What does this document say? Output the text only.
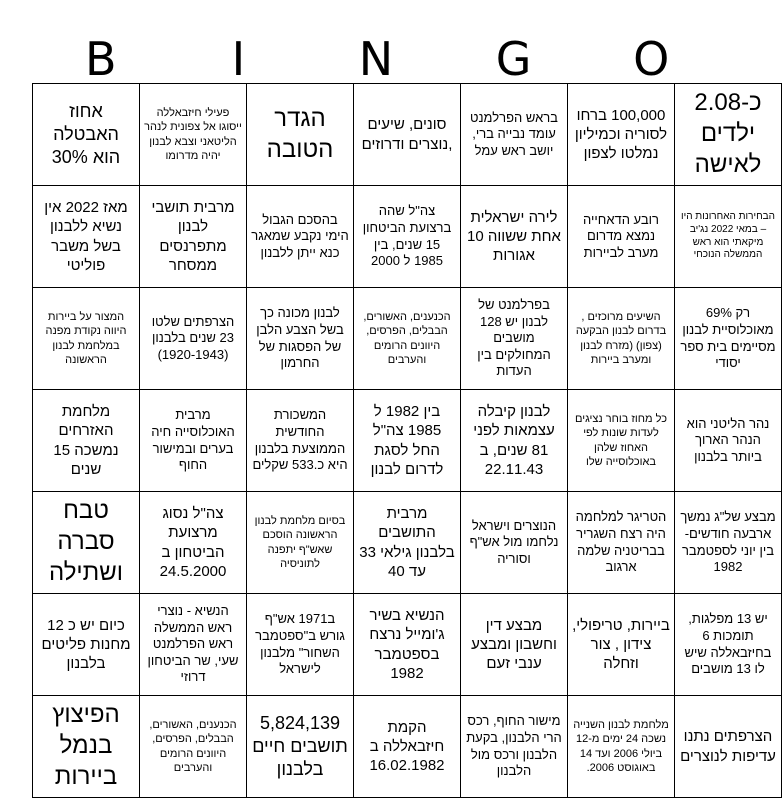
B	I	N	G	O
כ-2.08 ילדים לאישה	100,000 ברחו לסוריה וכמיליון נמלטו לצפון	בראש הפרלמנט עומד נבייה ברי, יושב ראש עמל	סונים, שיעים ,נוצרים ודרוזים	הגדר הטובה	פעילי חיזבאללה ייסוגו אל צפונית לנהר הליטאני וצבא לבנון יהיה מדרומו	אחוז האבטלה הוא 30%
הבחירות האחרונות היו – במאי 2022 נג'יב מיקאתי הוא ראש הממשלה הנוכחי	רובע הדאחייה נמצא מדרום מערב לביירות	לירה ישראלית אחת ששווה 10 אגורות	צה"ל שהה ברצועת הביטחון 15 שנים, בין 1985 ל 2000	בהסכם הגבול הימי נקבע שמאגר כנא ייתן ללבנון	מרבית תושבי לבנון מתפרנסים ממסחר	מאז 2022 אין נשיא ללבנון בשל משבר פוליטי
רק 69% מאוכלוסיית לבנון מסיימים בית ספר יסודי	השיעים מרוכזים , בדרום לבנון הבקעה (צפון) (מזרח לבנון ומערב ביירות	בפרלמנט של לבנון יש 128 מושבים המחולקים בין העדות	הכנענים, האשורים, הבבלים, הפרסים, היוונים הרומים והערבים	לבנון מכונה כך בשל הצבע הלבן של הפסגות של החרמון	הצרפתים שלטו 23 שנים בלבנון (1920-1943)	המצור על ביירות היווה נקודת מפנה במלחמת לבנון הראשונה
נהר הליטני הוא הנהר הארוך ביותר בלבנון	כל מחוז בוחר נציגים לעדות שונות לפי האחוז שלהן באוכלוסייה שלו	לבנון קיבלה עצמאות לפני 81 שנים, ב 22.11.43	בין 1982 ל 1985 צה"ל החל לסגת לדרום לבנון	המשכורת החודשית הממוצעת בלבנון היא כ.533 שקלים	מרבית האוכלוסייה חיה בערים ובמישור החוף	מלחמת האזרחים נמשכה 15 שנים
מבצע של"ג נמשך ארבעה חודשים- בין יוני לספטמבר 1982	הטריגר למלחמה היה רצח השגריר בבריטניה שלמה ארגוב	הנוצרים וישראל נלחמו מול אש"ף וסוריה	מרבית התושבים בלבנון גילאי 33 עד 40	בסיום מלחמת לבנון הראשונה הוסכם שאש"ף יתפנה לתוניסיה	צה"ל נסוג מרצועת הביטחון ב 24.5.2000	טבח סברה ושתילה
יש 13 מפלגות, תומכות 6 בחיזבאללה שיש לו 13 מושבים	ביירות, טריפולי, צידון , צור וזחלה	מבצע דין וחשבון ומבצע ענבי זעם	הנשיא בשיר ג'ומייל נרצח בספטמבר 1982	ב1971 אש"ף גורש ב"ספטמבר השחור" מלבנון לישראל	הנשיא - נוצרי ראש הממשלה ראש הפרלמנט שעי, שר הביטחון דרוזי	כיום יש כ 12 מחנות פליטים בלבנון
הצרפתים נתנו עדיפות לנוצרים	מלחמת לבנון השנייה נשכה 24 ימים מ-12 ביולי 2006 ועד 14 באוגוסט 2006.	מישור החוף, רכס הרי הלבנון, בקעת הלבנון ורכס מול הלבנון	הקמת חיזבאללה ב 16.02.1982	5,824,139 תושבים חיים בלבנון	הכנענים, האשורים, הבבלים, הפרסים, היוונים הרומים והערבים	הפיצוץ בנמל ביירות
